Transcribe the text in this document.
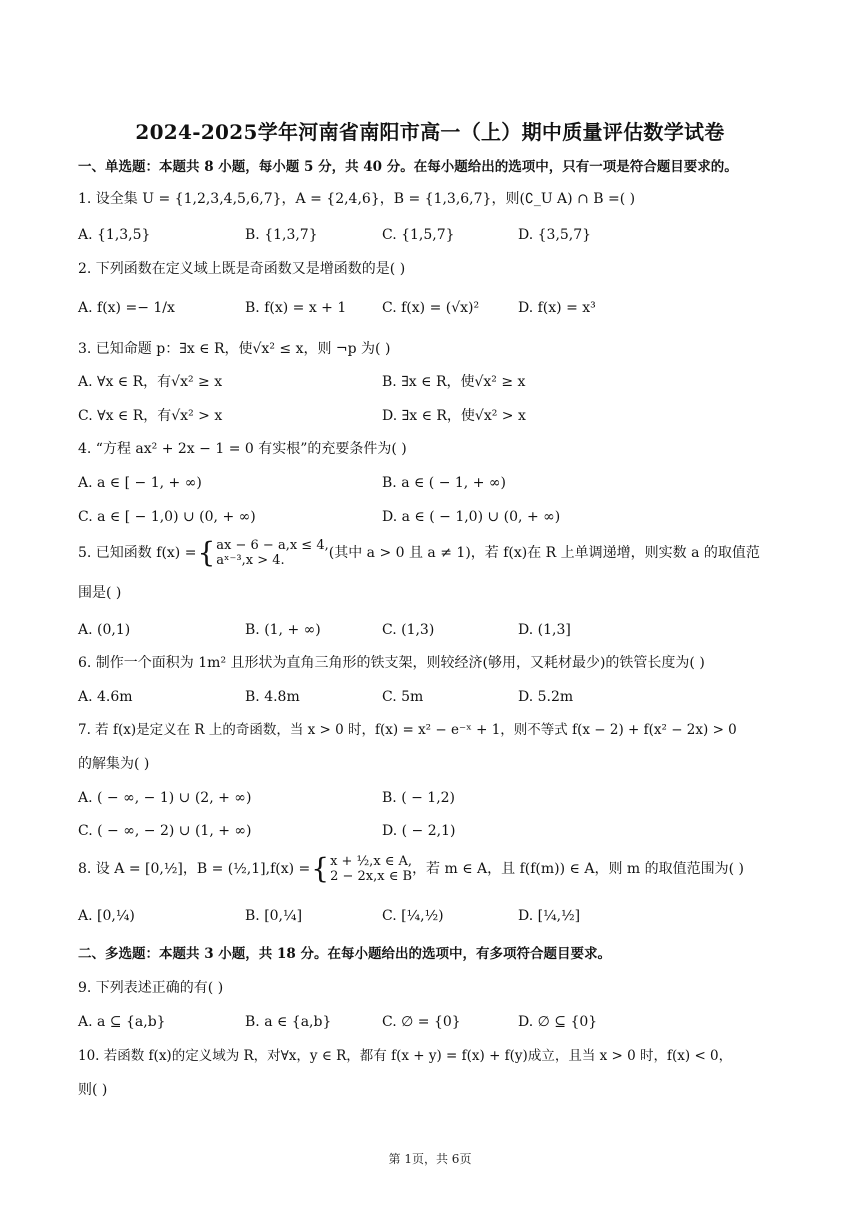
2024-2025学年河南省南阳市高一（上）期中质量评估数学试卷
一、单选题：本题共 8 小题，每小题 5 分，共 40 分。在每小题给出的选项中，只有一项是符合题目要求的。
1. 设全集 U = {1,2,3,4,5,6,7}，A = {2,4,6}，B = {1,3,6,7}，则(∁_U A) ∩ B =( )
A. {1,3,5}	B. {1,3,7}	C. {1,5,7}	D. {3,5,7}
2. 下列函数在定义域上既是奇函数又是增函数的是( )
A. f(x) =− 1/x	B. f(x) = x + 1	C. f(x) = (√x)²	D. f(x) = x³
3. 已知命题 p：∃x ∈ R，使√x² ≤ x，则 ¬p 为( )
A. ∀x ∈ R，有√x² ≥ x	B. ∃x ∈ R，使√x² ≥ x
C. ∀x ∈ R，有√x² > x	D. ∃x ∈ R，使√x² > x
4. “方程 ax² + 2x − 1 = 0 有实根”的充要条件为( )
A. a ∈ [ − 1, + ∞)	B. a ∈ ( − 1, + ∞)
C. a ∈ [ − 1,0) ∪ (0, + ∞)	D. a ∈ ( − 1,0) ∪ (0, + ∞)
5. 已知函数 f(x) ={ ax − 6 − a,x ≤ 4,
aˣ⁻³,x > 4.	(其中 a > 0 且 a ≠ 1)，若 f(x)在 R 上单调递增，则实数 a 的取值范
围是( )
A. (0,1)	B. (1, + ∞)	C. (1,3)	D. (1,3]
6. 制作一个面积为 1m² 且形状为直角三角形的铁支架，则较经济(够用，又耗材最少)的铁管长度为( )
A. 4.6m	B. 4.8m	C. 5m	D. 5.2m
7. 若 f(x)是定义在 R 上的奇函数，当 x > 0 时，f(x) = x² − e⁻ˣ + 1，则不等式 f(x − 2) + f(x² − 2x) > 0
的解集为( )
A. ( − ∞, − 1) ∪ (2, + ∞)	B. ( − 1,2)
C. ( − ∞, − 2) ∪ (1, + ∞)	D. ( − 2,1)
8. 设 A = [0,½]，B = (½,1],f(x) ={ x + ½,x ∈ A,
2 − 2x,x ∈ B ，若 m ∈ A，且 f(f(m)) ∈ A，则 m 的取值范围为( )
A. [0,¼)	B. [0,¼]	C. [¼,½)	D. [¼,½]
二、多选题：本题共 3 小题，共 18 分。在每小题给出的选项中，有多项符合题目要求。
9. 下列表述正确的有( )
A. a ⊆ {a,b}	B. a ∈ {a,b}	C. ∅ = {0}	D. ∅ ⊆ {0}
10. 若函数 f(x)的定义域为 R，对∀x，y ∈ R，都有 f(x + y) = f(x) + f(y)成立，且当 x > 0 时，f(x) < 0，
则( )
第 1页，共 6页
